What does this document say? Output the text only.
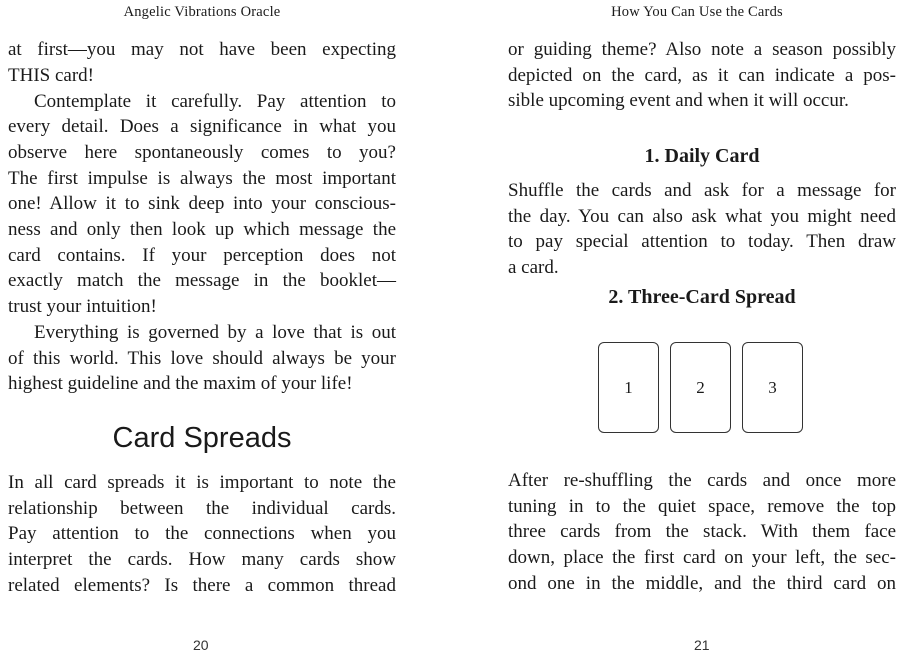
Angelic Vibrations Oracle
at first—you may not have been expecting
THIS card!
Contemplate it carefully. Pay attention to
every detail. Does a significance in what you
observe here spontaneously comes to you?
The first impulse is always the most important
one! Allow it to sink deep into your conscious-
ness and only then look up which message the
card contains. If your perception does not
exactly match the message in the booklet—
trust your intuition!
Everything is governed by a love that is out
of this world. This love should always be your
highest guideline and the maxim of your life!
Card Spreads
In all card spreads it is important to note the
relationship between the individual cards.
Pay attention to the connections when you
interpret the cards. How many cards show
related elements? Is there a common thread
20
How You Can Use the Cards
or guiding theme? Also note a season possibly
depicted on the card, as it can indicate a pos-
sible upcoming event and when it will occur.
1. Daily Card
Shuffle the cards and ask for a message for
the day. You can also ask what you might need
to pay special attention to today. Then draw
a card.
2. Three-Card Spread
1	2	3
After re-shuffling the cards and once more
tuning in to the quiet space, remove the top
three cards from the stack. With them face
down, place the first card on your left, the sec-
ond one in the middle, and the third card on
21
